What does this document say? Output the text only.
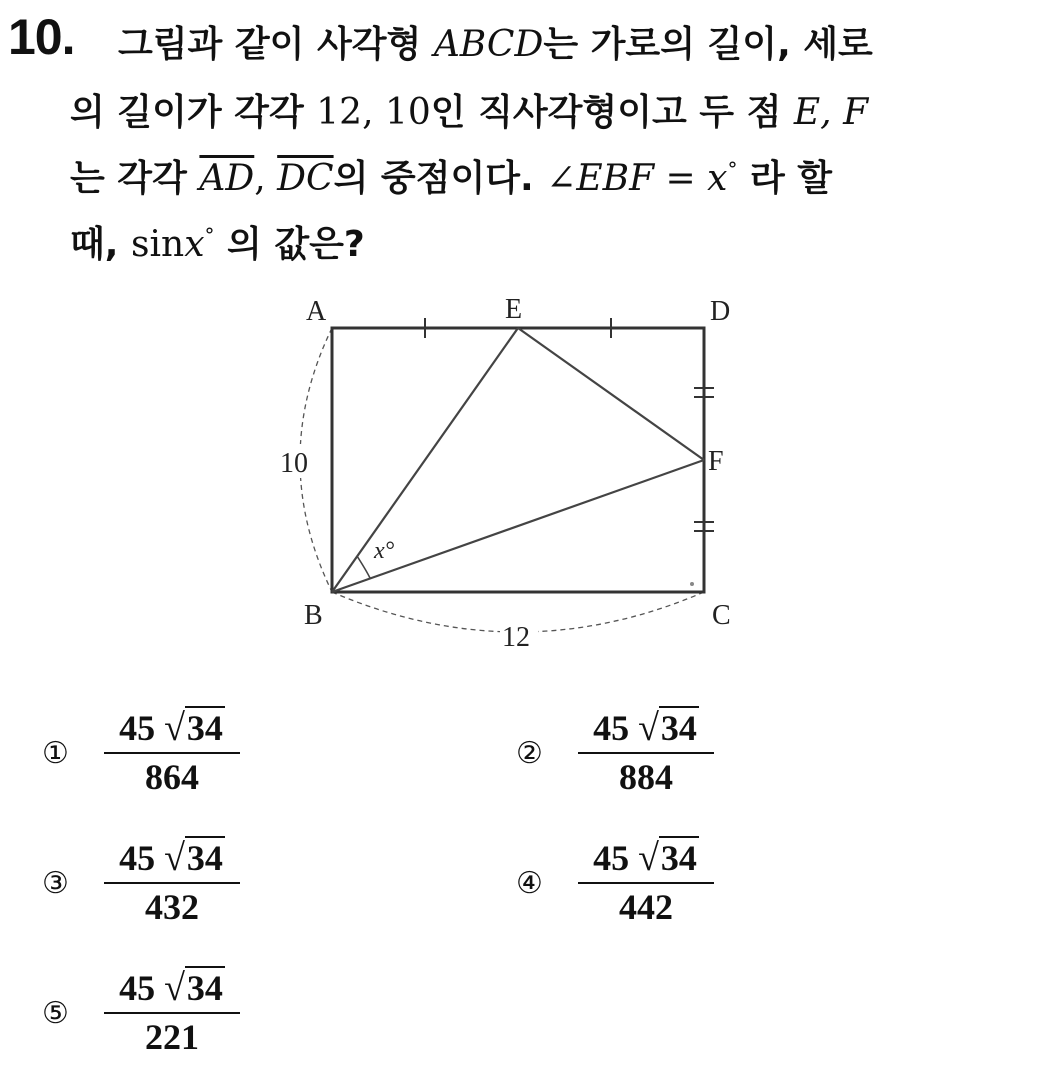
10. 그림과 같이 사각형 ABCD는 가로의 길이, 세로
의 길이가 각각 12, 10인 직사각형이고 두 점 E, F
는 각각 $\overline{AD}$, $\overline{DC}$의 중점이다. ∠EBF = x° 라 할
때, sinx° 의 값은?
A	E	D
F
B	C
x°
10
12
①
45 √34
864
②
45 √34
884
③
45 √34
432
④
45 √34
442
⑤
45 √34
221
